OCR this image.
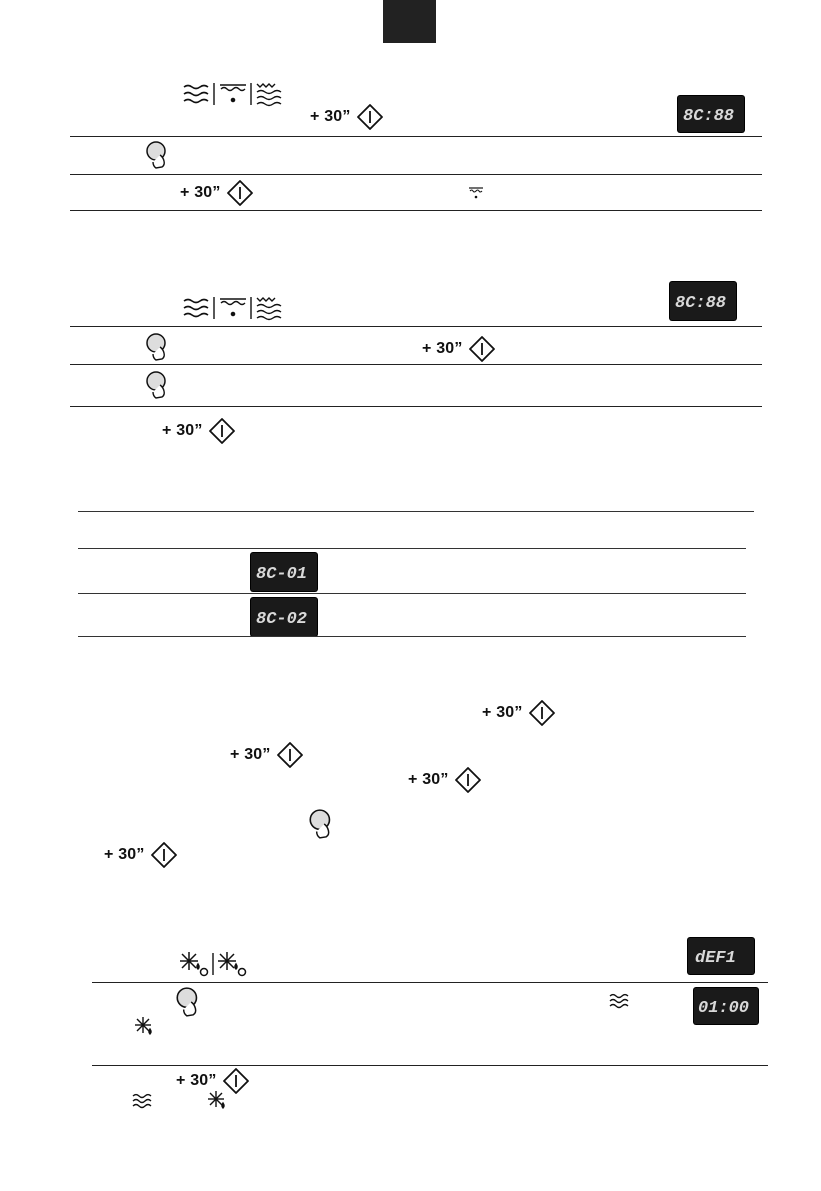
+ 30”	8C:88
+ 30”
8C:88
+ 30”
+ 30”
8C-01
8C-02
+ 30”
+ 30”
+ 30”
+ 30”
dEF1
01:00
+ 30”
